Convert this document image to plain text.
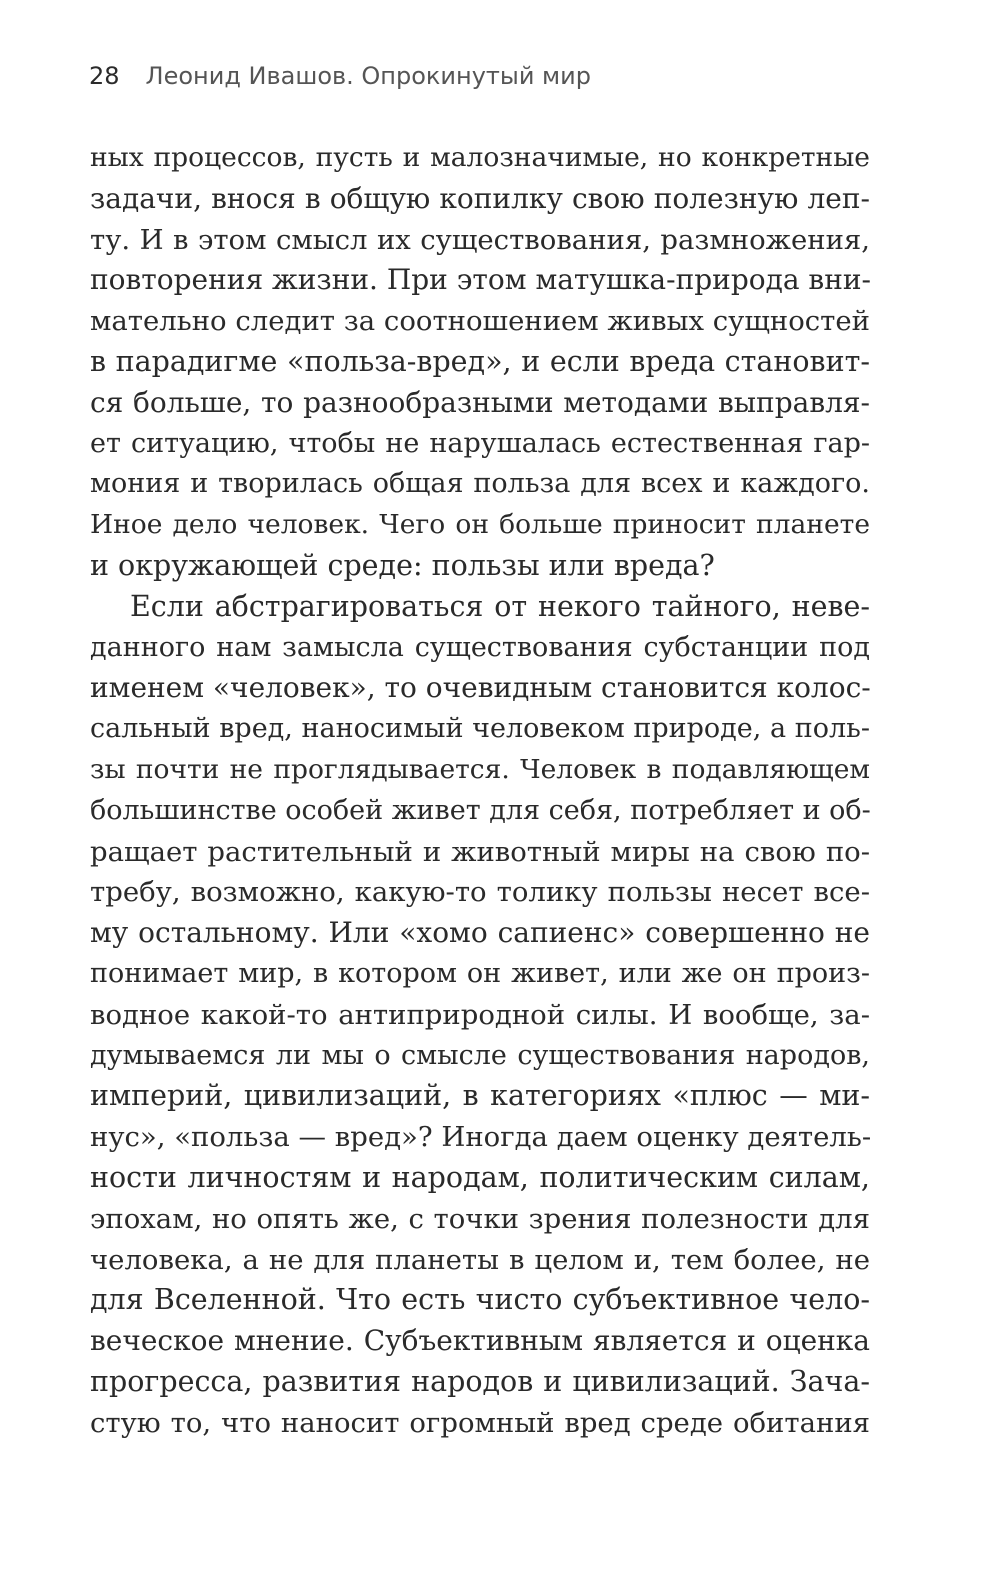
28 Леонид Ивашов. Опрокинутый мир
ных процессов, пусть и малозначимые, но конкретные
задачи, внося в общую копилку свою полезную леп-
ту. И в этом смысл их существования, размножения,
повторения жизни. При этом матушка-природа вни-
мательно следит за соотношением живых сущностей
в парадигме «польза-вред», и если вреда становит-
ся больше, то разнообразными методами выправля-
ет ситуацию, чтобы не нарушалась естественная гар-
мония и творилась общая польза для всех и каждого.
Иное дело человек. Чего он больше приносит планете
и окружающей среде: пользы или вреда?
Если абстрагироваться от некого тайного, неве-
данного нам замысла существования субстанции под
именем «человек», то очевидным становится колос-
сальный вред, наносимый человеком природе, а поль-
зы почти не проглядывается. Человек в подавляющем
большинстве особей живет для себя, потребляет и об-
ращает растительный и животный миры на свою по-
требу, возможно, какую-то толику пользы несет все-
му остальному. Или «хомо сапиенс» совершенно не
понимает мир, в котором он живет, или же он произ-
водное какой-то антиприродной силы. И вообще, за-
думываемся ли мы о смысле существования народов,
империй, цивилизаций, в категориях «плюс — ми-
нус», «польза — вред»? Иногда даем оценку деятель-
ности личностям и народам, политическим силам,
эпохам, но опять же, с точки зрения полезности для
человека, а не для планеты в целом и, тем более, не
для Вселенной. Что есть чисто субъективное чело-
веческое мнение. Субъективным является и оценка
прогресса, развития народов и цивилизаций. Зача-
стую то, что наносит огромный вред среде обитания
